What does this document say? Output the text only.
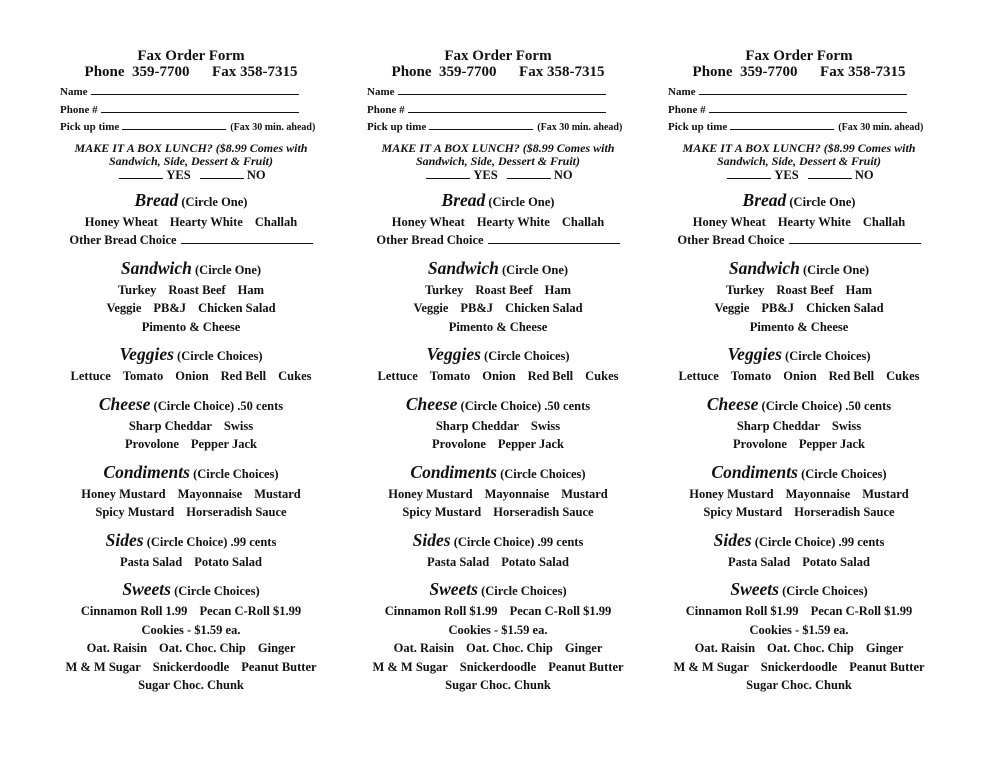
Fax Order Form
Phone 359-7700 Fax 358-7315
Name
Phone #
Pick up time	(Fax 30 min. ahead)
MAKE IT A BOX LUNCH? ($8.99 Comes with
Sandwich, Side, Dessert & Fruit)
YES	NO
Bread (Circle One)
Honey Wheat Hearty White Challah
Other Bread Choice
Sandwich (Circle One)
Turkey Roast Beef Ham
Veggie PB&J Chicken Salad
Pimento & Cheese
Veggies (Circle Choices)
Lettuce Tomato Onion Red Bell Cukes
Cheese (Circle Choice) .50 cents
Sharp Cheddar Swiss
Provolone Pepper Jack
Condiments (Circle Choices)
Honey Mustard Mayonnaise Mustard
Spicy Mustard Horseradish Sauce
Sides (Circle Choice) .99 cents
Pasta Salad Potato Salad
Sweets (Circle Choices)
Cinnamon Roll 1.99 Pecan C-Roll $1.99
Cookies - $1.59 ea.
Oat. Raisin Oat. Choc. Chip Ginger
M & M Sugar Snickerdoodle Peanut Butter
Sugar Choc. Chunk
Fax Order Form
Phone 359-7700 Fax 358-7315
Name
Phone #
Pick up time	(Fax 30 min. ahead)
MAKE IT A BOX LUNCH? ($8.99 Comes with
Sandwich, Side, Dessert & Fruit)
YES	NO
Bread (Circle One)
Honey Wheat Hearty White Challah
Other Bread Choice
Sandwich (Circle One)
Turkey Roast Beef Ham
Veggie PB&J Chicken Salad
Pimento & Cheese
Veggies (Circle Choices)
Lettuce Tomato Onion Red Bell Cukes
Cheese (Circle Choice) .50 cents
Sharp Cheddar Swiss
Provolone Pepper Jack
Condiments (Circle Choices)
Honey Mustard Mayonnaise Mustard
Spicy Mustard Horseradish Sauce
Sides (Circle Choice) .99 cents
Pasta Salad Potato Salad
Sweets (Circle Choices)
Cinnamon Roll $1.99 Pecan C-Roll $1.99
Cookies - $1.59 ea.
Oat. Raisin Oat. Choc. Chip Ginger
M & M Sugar Snickerdoodle Peanut Butter
Sugar Choc. Chunk
Fax Order Form
Phone 359-7700 Fax 358-7315
Name
Phone #
Pick up time	(Fax 30 min. ahead)
MAKE IT A BOX LUNCH? ($8.99 Comes with
Sandwich, Side, Dessert & Fruit)
YES	NO
Bread (Circle One)
Honey Wheat Hearty White Challah
Other Bread Choice
Sandwich (Circle One)
Turkey Roast Beef Ham
Veggie PB&J Chicken Salad
Pimento & Cheese
Veggies (Circle Choices)
Lettuce Tomato Onion Red Bell Cukes
Cheese (Circle Choice) .50 cents
Sharp Cheddar Swiss
Provolone Pepper Jack
Condiments (Circle Choices)
Honey Mustard Mayonnaise Mustard
Spicy Mustard Horseradish Sauce
Sides (Circle Choice) .99 cents
Pasta Salad Potato Salad
Sweets (Circle Choices)
Cinnamon Roll $1.99 Pecan C-Roll $1.99
Cookies - $1.59 ea.
Oat. Raisin Oat. Choc. Chip Ginger
M & M Sugar Snickerdoodle Peanut Butter
Sugar Choc. Chunk
